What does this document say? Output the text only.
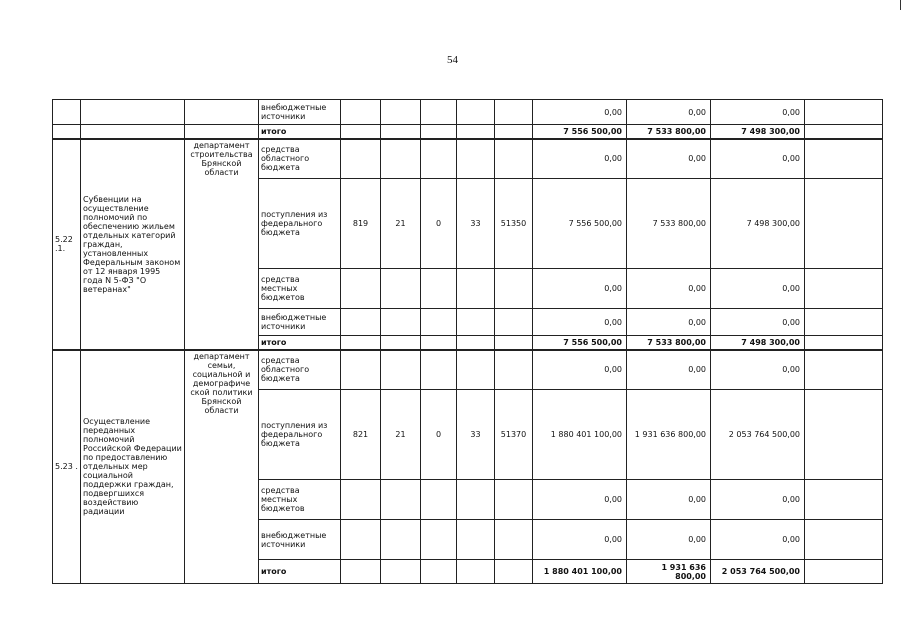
54
			внебюджетные источники						0,00	0,00	0,00	
			итого						7 556 500,00	7 533 800,00	7 498 300,00	
5.22 .1.	Субвенции на осуществление полномочий по обеспечению жильем отдельных категорий граждан, установленных Федеральным законом от 12 января 1995 года N 5-ФЗ "О ветеранах"	департамент строительства Брянской области	средства областного бюджета						0,00	0,00	0,00	
			поступления из федерального бюджета	819	21	0	33	51350	7 556 500,00	7 533 800,00	7 498 300,00	
			средства местных бюджетов						0,00	0,00	0,00	
			внебюджетные источники						0,00	0,00	0,00	
			итого						7 556 500,00	7 533 800,00	7 498 300,00	
5.23 .	Осуществление переданных полномочий Российской Федерации по предоставлению отдельных мер социальной поддержки граждан, подвергшихся воздействию радиации	департамент семьи, социальной и демографиче ской политики Брянской области	средства областного бюджета						0,00	0,00	0,00	
			поступления из федерального бюджета	821	21	0	33	51370	1 880 401 100,00	1 931 636 800,00	2 053 764 500,00	
			средства местных бюджетов						0,00	0,00	0,00	
			внебюджетные источники						0,00	0,00	0,00	
			итого						1 880 401 100,00	1 931 636 800,00	2 053 764 500,00	
